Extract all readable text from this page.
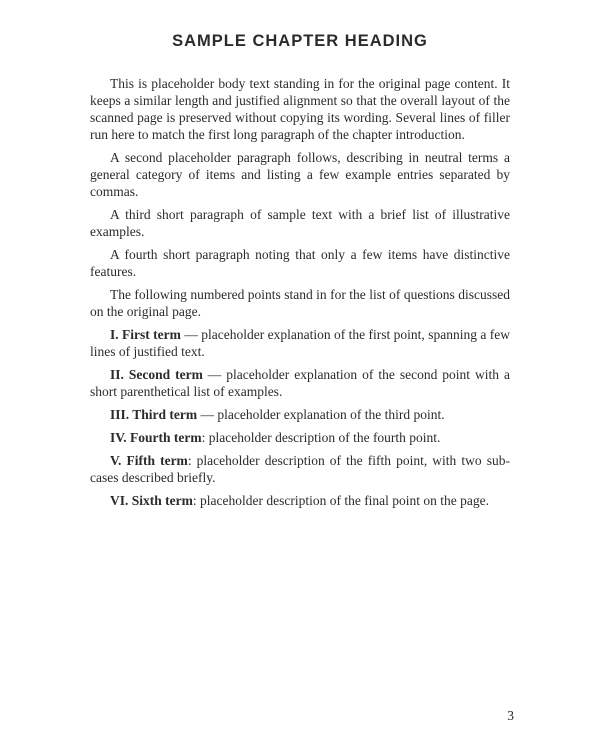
SAMPLE CHAPTER HEADING

This is placeholder body text standing in for the original page content. It keeps a similar length and justified alignment so that the overall layout of the scanned page is preserved without copying its wording. Several lines of filler run here to match the first long paragraph of the chapter introduction.

A second placeholder paragraph follows, describing in neutral terms a general category of items and listing a few example entries separated by commas.

A third short paragraph of sample text with a brief list of illustrative examples.

A fourth short paragraph noting that only a few items have distinctive features.

The following numbered points stand in for the list of questions discussed on the original page.

I. First term — placeholder explanation of the first point, spanning a few lines of justified text.

II. Second term — placeholder explanation of the second point with a short parenthetical list of examples.

III. Third term — placeholder explanation of the third point.

IV. Fourth term: placeholder description of the fourth point.

V. Fifth term: placeholder description of the fifth point, with two sub-cases described briefly.

VI. Sixth term: placeholder description of the final point on the page.

3
